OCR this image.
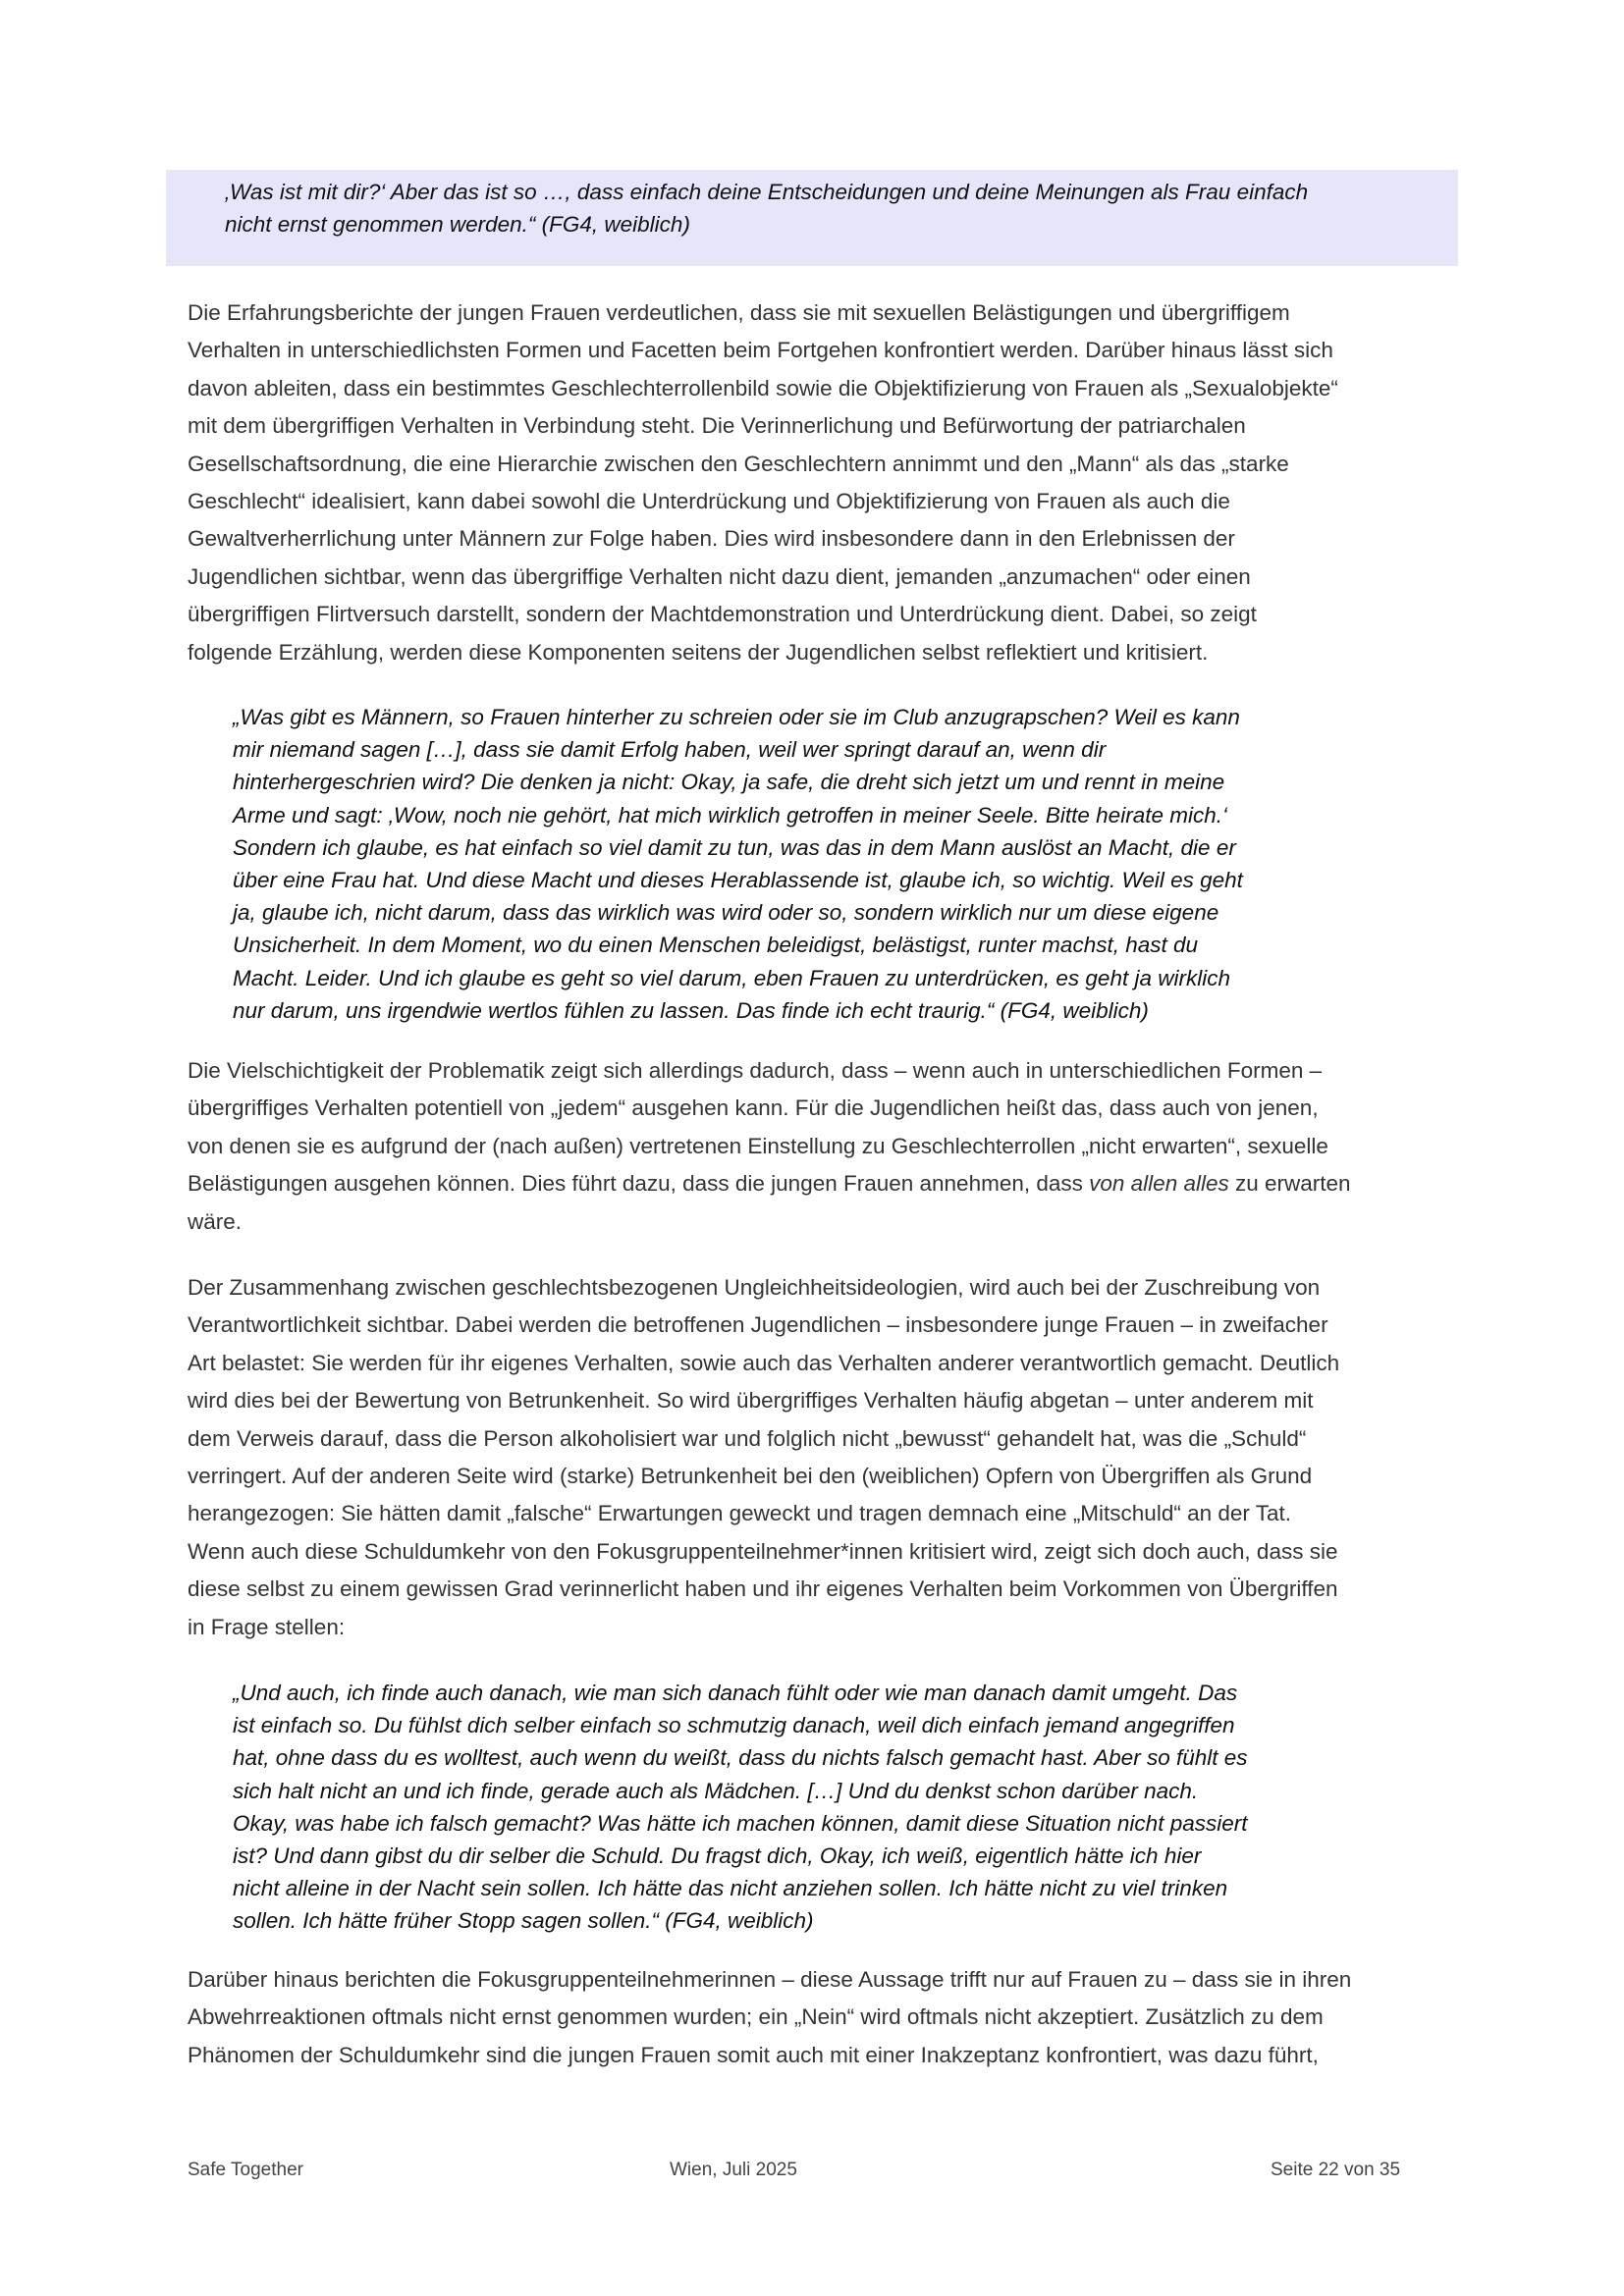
‚Was ist mit dir?‘ Aber das ist so …, dass einfach deine Entscheidungen und deine Meinungen als Frau einfach

nicht ernst genommen werden.“ (FG4, weiblich)

Die Erfahrungsberichte der jungen Frauen verdeutlichen, dass sie mit sexuellen Belästigungen und übergriffigem

Verhalten in unterschiedlichsten Formen und Facetten beim Fortgehen konfrontiert werden. Darüber hinaus lässt sich

davon ableiten, dass ein bestimmtes Geschlechterrollenbild sowie die Objektifizierung von Frauen als „Sexualobjekte“

mit dem übergriffigen Verhalten in Verbindung steht. Die Verinnerlichung und Befürwortung der patriarchalen

Gesellschaftsordnung, die eine Hierarchie zwischen den Geschlechtern annimmt und den „Mann“ als das „starke

Geschlecht“ idealisiert, kann dabei sowohl die Unterdrückung und Objektifizierung von Frauen als auch die

Gewaltverherrlichung unter Männern zur Folge haben. Dies wird insbesondere dann in den Erlebnissen der

Jugendlichen sichtbar, wenn das übergriffige Verhalten nicht dazu dient, jemanden „anzumachen“ oder einen

übergriffigen Flirtversuch darstellt, sondern der Machtdemonstration und Unterdrückung dient. Dabei, so zeigt

folgende Erzählung, werden diese Komponenten seitens der Jugendlichen selbst reflektiert und kritisiert.

„Was gibt es Männern, so Frauen hinterher zu schreien oder sie im Club anzugrapschen? Weil es kann

mir niemand sagen […], dass sie damit Erfolg haben, weil wer springt darauf an, wenn dir

hinterhergeschrien wird? Die denken ja nicht: Okay, ja safe, die dreht sich jetzt um und rennt in meine

Arme und sagt: ‚Wow, noch nie gehört, hat mich wirklich getroffen in meiner Seele. Bitte heirate mich.‘

Sondern ich glaube, es hat einfach so viel damit zu tun, was das in dem Mann auslöst an Macht, die er

über eine Frau hat. Und diese Macht und dieses Herablassende ist, glaube ich, so wichtig. Weil es geht

ja, glaube ich, nicht darum, dass das wirklich was wird oder so, sondern wirklich nur um diese eigene

Unsicherheit. In dem Moment, wo du einen Menschen beleidigst, belästigst, runter machst, hast du

Macht. Leider. Und ich glaube es geht so viel darum, eben Frauen zu unterdrücken, es geht ja wirklich

nur darum, uns irgendwie wertlos fühlen zu lassen. Das finde ich echt traurig.“ (FG4, weiblich)

Die Vielschichtigkeit der Problematik zeigt sich allerdings dadurch, dass – wenn auch in unterschiedlichen Formen –

übergriffiges Verhalten potentiell von „jedem“ ausgehen kann. Für die Jugendlichen heißt das, dass auch von jenen,

von denen sie es aufgrund der (nach außen) vertretenen Einstellung zu Geschlechterrollen „nicht erwarten“, sexuelle

Belästigungen ausgehen können. Dies führt dazu, dass die jungen Frauen annehmen, dass von allen alles zu erwarten

wäre.

Der Zusammenhang zwischen geschlechtsbezogenen Ungleichheitsideologien, wird auch bei der Zuschreibung von

Verantwortlichkeit sichtbar. Dabei werden die betroffenen Jugendlichen – insbesondere junge Frauen – in zweifacher

Art belastet: Sie werden für ihr eigenes Verhalten, sowie auch das Verhalten anderer verantwortlich gemacht. Deutlich

wird dies bei der Bewertung von Betrunkenheit. So wird übergriffiges Verhalten häufig abgetan – unter anderem mit

dem Verweis darauf, dass die Person alkoholisiert war und folglich nicht „bewusst“ gehandelt hat, was die „Schuld“

verringert. Auf der anderen Seite wird (starke) Betrunkenheit bei den (weiblichen) Opfern von Übergriffen als Grund

herangezogen: Sie hätten damit „falsche“ Erwartungen geweckt und tragen demnach eine „Mitschuld“ an der Tat.

Wenn auch diese Schuldumkehr von den Fokusgruppenteilnehmer*innen kritisiert wird, zeigt sich doch auch, dass sie

diese selbst zu einem gewissen Grad verinnerlicht haben und ihr eigenes Verhalten beim Vorkommen von Übergriffen

in Frage stellen:

„Und auch, ich finde auch danach, wie man sich danach fühlt oder wie man danach damit umgeht. Das

ist einfach so. Du fühlst dich selber einfach so schmutzig danach, weil dich einfach jemand angegriffen

hat, ohne dass du es wolltest, auch wenn du weißt, dass du nichts falsch gemacht hast. Aber so fühlt es

sich halt nicht an und ich finde, gerade auch als Mädchen. […] Und du denkst schon darüber nach.

Okay, was habe ich falsch gemacht? Was hätte ich machen können, damit diese Situation nicht passiert

ist? Und dann gibst du dir selber die Schuld. Du fragst dich, Okay, ich weiß, eigentlich hätte ich hier

nicht alleine in der Nacht sein sollen. Ich hätte das nicht anziehen sollen. Ich hätte nicht zu viel trinken

sollen. Ich hätte früher Stopp sagen sollen.“ (FG4, weiblich)

Darüber hinaus berichten die Fokusgruppenteilnehmerinnen – diese Aussage trifft nur auf Frauen zu – dass sie in ihren

Abwehrreaktionen oftmals nicht ernst genommen wurden; ein „Nein“ wird oftmals nicht akzeptiert. Zusätzlich zu dem

Phänomen der Schuldumkehr sind die jungen Frauen somit auch mit einer Inakzeptanz konfrontiert, was dazu führt,

Safe Together	Wien, Juli 2025	Seite 22 von 35
